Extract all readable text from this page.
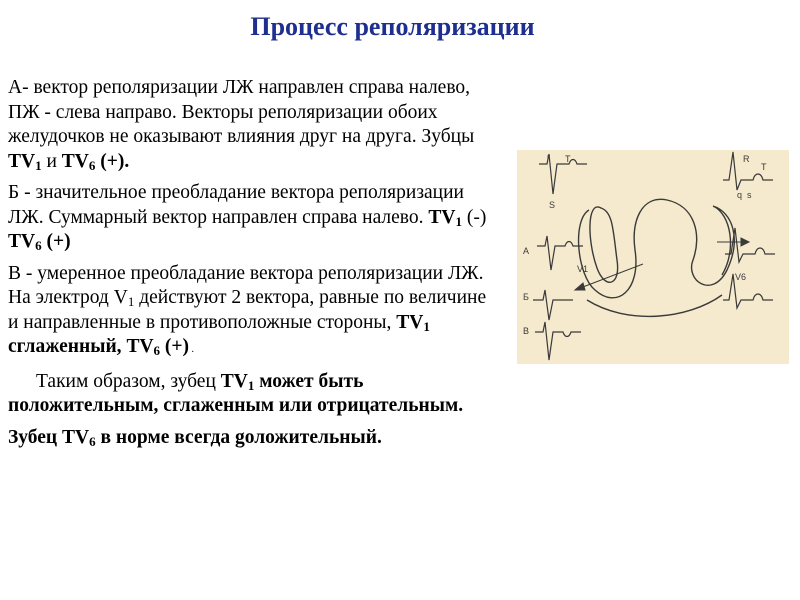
Процесс реполяризации

А- вектор реполяризации ЛЖ направлен справа налево, ПЖ - слева направо. Векторы реполяризации обоих желудочков не оказывают влияния друг на друга. Зубцы $TV_1$ и $TV_6$ (+).

Б - значительное преобладание вектора реполяризации ЛЖ. Суммарный вектор направлен справа налево. $TV_1$ (-) $TV_6$ (+)

В - умеренное преобладание вектора реполяризации ЛЖ. На электрод $V_1$ действуют 2 вектора, равные по величине и направленные в противоположные стороны, $TV_1$ сглаженный, $TV_6$ (+) .

Таким образом, зубец $TV_1$ может быть положительным, сглаженным или отрицательным.

Зубец $TV_6$ в норме всегда gоложительный.

r T
S
А
Б
В
V1
V6
R
T
q s
